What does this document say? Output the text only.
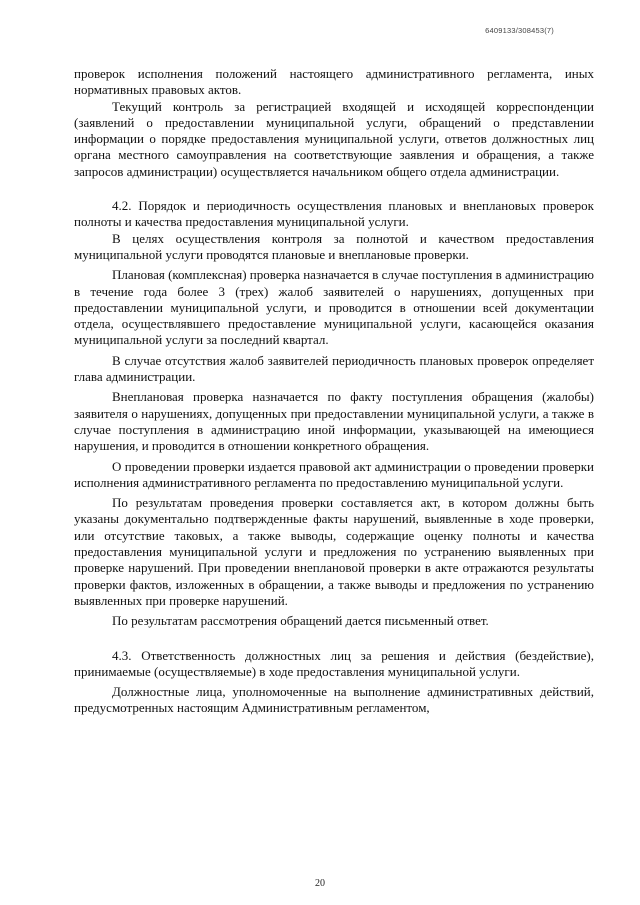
6409133/308453(7)

проверок исполнения положений настоящего административного регламента, иных нормативных правовых актов.

Текущий контроль за регистрацией входящей и исходящей корреспонденции (заявлений о предоставлении муниципальной услуги, обращений о представлении информации о порядке предоставления муниципальной услуги, ответов должностных лиц органа местного самоуправления на соответствующие заявления и обращения, а также запросов администрации) осуществляется начальником общего отдела администрации.

4.2. Порядок и периодичность осуществления плановых и внеплановых проверок полноты и качества предоставления муниципальной услуги.

В целях осуществления контроля за полнотой и качеством предоставления муниципальной услуги проводятся плановые и внеплановые проверки.

Плановая (комплексная) проверка назначается в случае поступления в администрацию в течение года более 3 (трех) жалоб заявителей о нарушениях, допущенных при предоставлении муниципальной услуги, и проводится в отношении всей документации отдела, осуществлявшего предоставление муниципальной услуги, касающейся оказания муниципальной услуги за последний квартал.

В случае отсутствия жалоб заявителей периодичность плановых проверок определяет глава администрации.

Внеплановая проверка назначается по факту поступления обращения (жалобы) заявителя о нарушениях, допущенных при предоставлении муниципальной услуги, а также в случае поступления в администрацию иной информации, указывающей на имеющиеся нарушения, и проводится в отношении конкретного обращения.

О проведении проверки издается правовой акт администрации о проведении проверки исполнения административного регламента по предоставлению муниципальной услуги.

По результатам проведения проверки составляется акт, в котором должны быть указаны документально подтвержденные факты нарушений, выявленные в ходе проверки, или отсутствие таковых, а также выводы, содержащие оценку полноты и качества предоставления муниципальной услуги и предложения по устранению выявленных при проверке нарушений. При проведении внеплановой проверки в акте отражаются результаты проверки фактов, изложенных в обращении, а также выводы и предложения по устранению выявленных при проверке нарушений.

По результатам рассмотрения обращений дается письменный ответ.

4.3. Ответственность должностных лиц за решения и действия (бездействие), принимаемые (осуществляемые) в ходе предоставления муниципальной услуги.

Должностные лица, уполномоченные на выполнение административных действий, предусмотренных настоящим Административным регламентом,

20
